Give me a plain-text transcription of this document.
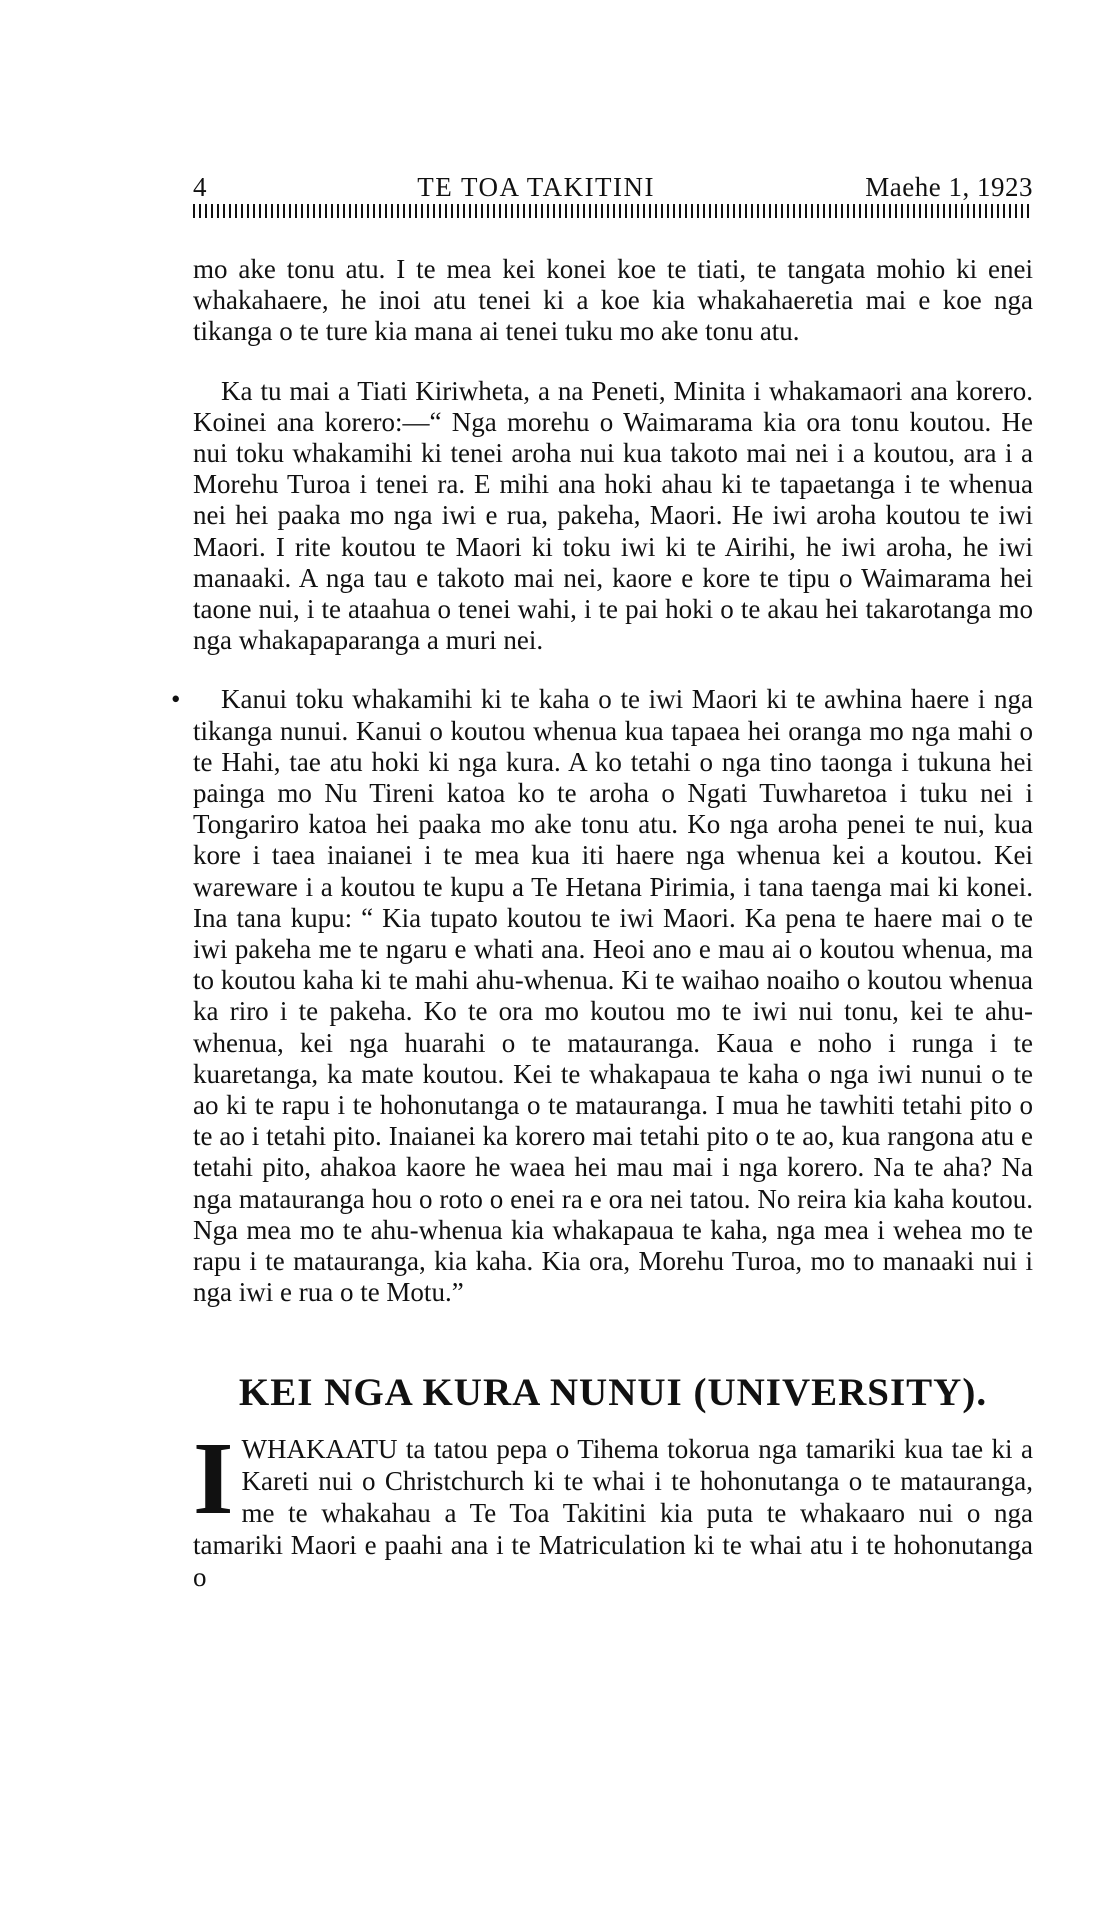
4	TE TOA TAKITINI	Maehe 1, 1923

mo ake tonu atu. I te mea kei konei koe te tiati, te tangata mohio ki enei whakahaere, he inoi atu tenei ki a koe kia whakahaeretia mai e koe nga tikanga o te ture kia mana ai tenei tuku mo ake tonu atu.

Ka tu mai a Tiati Kiriwheta, a na Peneti, Minita i whakamaori ana korero. Koinei ana korero:—“ Nga morehu o Waimarama kia ora tonu koutou. He nui toku whakamihi ki tenei aroha nui kua takoto mai nei i a koutou, ara i a Morehu Turoa i tenei ra. E mihi ana hoki ahau ki te tapaetanga i te whenua nei hei paaka mo nga iwi e rua, pakeha, Maori. He iwi aroha koutou te iwi Maori. I rite koutou te Maori ki toku iwi ki te Airihi, he iwi aroha, he iwi manaaki. A nga tau e takoto mai nei, kaore e kore te tipu o Waimarama hei taone nui, i te ataahua o tenei wahi, i te pai hoki o te akau hei takarotanga mo nga whakapaparanga a muri nei.

• Kanui toku whakamihi ki te kaha o te iwi Maori ki te awhina haere i nga tikanga nunui. Kanui o koutou whenua kua tapaea hei oranga mo nga mahi o te Hahi, tae atu hoki ki nga kura. A ko tetahi o nga tino taonga i tukuna hei painga mo Nu Tireni katoa ko te aroha o Ngati Tuwharetoa i tuku nei i Tongariro katoa hei paaka mo ake tonu atu. Ko nga aroha penei te nui, kua kore i taea inaianei i te mea kua iti haere nga whenua kei a koutou. Kei wareware i a koutou te kupu a Te Hetana Pirimia, i tana taenga mai ki konei. Ina tana kupu: “ Kia tupato koutou te iwi Maori. Ka pena te haere mai o te iwi pakeha me te ngaru e whati ana. Heoi ano e mau ai o koutou whenua, ma to koutou kaha ki te mahi ahu-whenua. Ki te waihao noaiho o koutou whenua ka riro i te pakeha. Ko te ora mo koutou mo te iwi nui tonu, kei te ahu-whenua, kei nga huarahi o te matauranga. Kaua e noho i runga i te kuaretanga, ka mate koutou. Kei te whakapaua te kaha o nga iwi nunui o te ao ki te rapu i te hohonutanga o te matauranga. I mua he tawhiti tetahi pito o te ao i tetahi pito. Inaianei ka korero mai tetahi pito o te ao, kua rangona atu e tetahi pito, ahakoa kaore he waea hei mau mai i nga korero. Na te aha? Na nga matauranga hou o roto o enei ra e ora nei tatou. No reira kia kaha koutou. Nga mea mo te ahu-whenua kia whakapaua te kaha, nga mea i wehea mo te rapu i te matauranga, kia kaha. Kia ora, Morehu Turoa, mo to manaaki nui i nga iwi e rua o te Motu.”
KEI NGA KURA NUNUI (UNIVERSITY).
I WHAKAATU ta tatou pepa o Tihema tokorua nga tamariki kua tae ki a Kareti nui o Christchurch ki te whai i te hohonutanga o te matauranga, me te whakahau a Te Toa Takitini kia puta te whakaaro nui o nga tamariki Maori e paahi ana i te Matriculation ki te whai atu i te hohonutanga o
